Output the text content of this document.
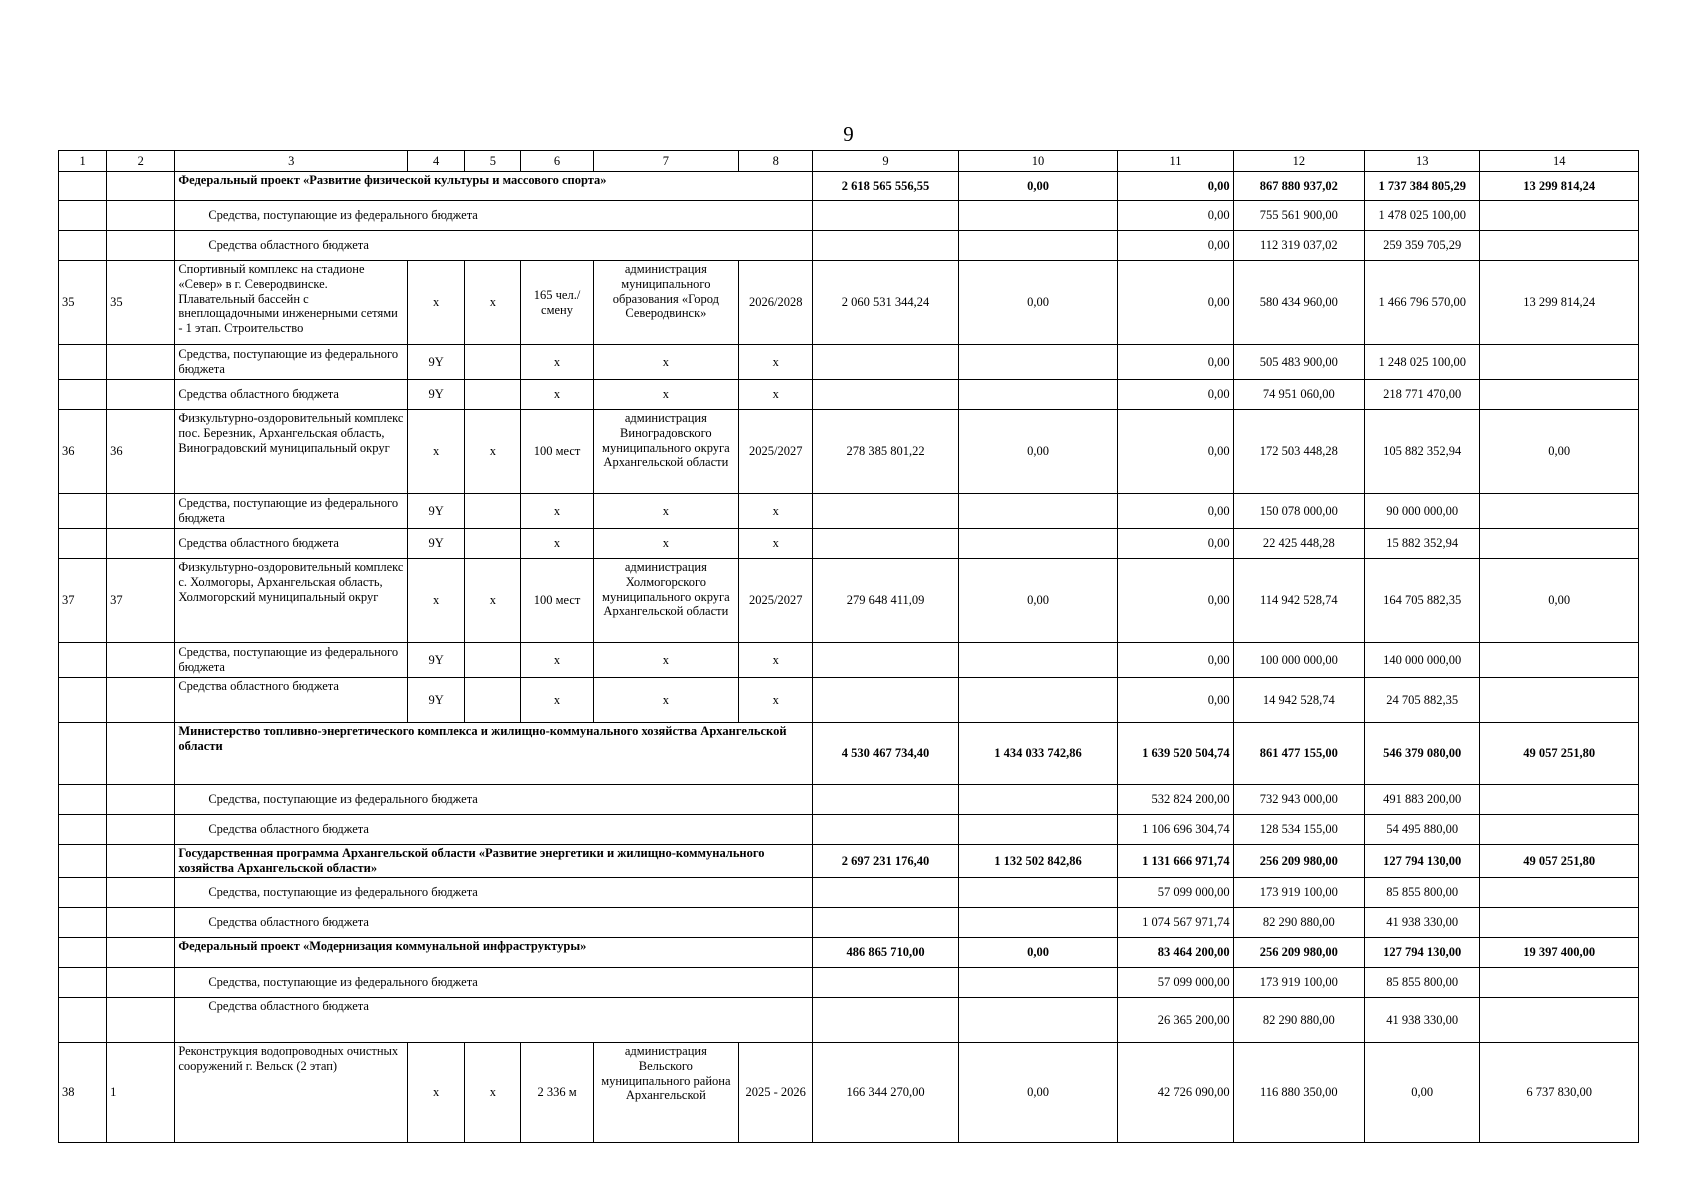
9
1	2	3	4	5	6	7	8	9	10	11	12	13	14
		Федеральный проект «Развитие физической культуры и массового спорта»						2 618 565 556,55	0,00	0,00	867 880 937,02	1 737 384 805,29	13 299 814,24
		Средства, поступающие из федерального бюджета								0,00	755 561 900,00	1 478 025 100,00	
		Средства областного бюджета								0,00	112 319 037,02	259 359 705,29	
35	35	Спортивный комплекс на стадионе «Север» в г. Северодвинске. Плавательный бассейн с внеплощадочными инженерными сетями - 1 этап. Строительство	x	x	165 чел./смену	администрация муниципального образования «Город Северодвинск»	2026/2028	2 060 531 344,24	0,00	0,00	580 434 960,00	1 466 796 570,00	13 299 814,24
		Средства, поступающие из федерального бюджета	9Y		x	x	x			0,00	505 483 900,00	1 248 025 100,00	
		Средства областного бюджета	9Y		x	x	x			0,00	74 951 060,00	218 771 470,00	
36	36	Физкультурно-оздоровительный комплекс пос. Березник, Архангельская область, Виноградовский муниципальный округ	x	x	100 мест	администрация Виноградовского муниципального округа Архангельской области	2025/2027	278 385 801,22	0,00	0,00	172 503 448,28	105 882 352,94	0,00
		Средства, поступающие из федерального бюджета	9Y		x	x	x			0,00	150 078 000,00	90 000 000,00	
		Средства областного бюджета	9Y		x	x	x			0,00	22 425 448,28	15 882 352,94	
37	37	Физкультурно-оздоровительный комплекс с. Холмогоры, Архангельская область, Холмогорский муниципальный округ	x	x	100 мест	администрация Холмогорского муниципального округа Архангельской области	2025/2027	279 648 411,09	0,00	0,00	114 942 528,74	164 705 882,35	0,00
		Средства, поступающие из федерального бюджета	9Y		x	x	x			0,00	100 000 000,00	140 000 000,00	
		Средства областного бюджета	9Y		x	x	x			0,00	14 942 528,74	24 705 882,35	
		Министерство топливно-энергетического комплекса и жилищно-коммунального хозяйства Архангельской области						4 530 467 734,40	1 434 033 742,86	1 639 520 504,74	861 477 155,00	546 379 080,00	49 057 251,80
		Средства, поступающие из федерального бюджета								532 824 200,00	732 943 000,00	491 883 200,00	
		Средства областного бюджета								1 106 696 304,74	128 534 155,00	54 495 880,00	
		Государственная программа Архангельской области «Развитие энергетики и жилищно-коммунального хозяйства Архангельской области»						2 697 231 176,40	1 132 502 842,86	1 131 666 971,74	256 209 980,00	127 794 130,00	49 057 251,80
		Средства, поступающие из федерального бюджета								57 099 000,00	173 919 100,00	85 855 800,00	
		Средства областного бюджета								1 074 567 971,74	82 290 880,00	41 938 330,00	
		Федеральный проект «Модернизация коммунальной инфраструктуры»						486 865 710,00	0,00	83 464 200,00	256 209 980,00	127 794 130,00	19 397 400,00
		Средства, поступающие из федерального бюджета								57 099 000,00	173 919 100,00	85 855 800,00	
		Средства областного бюджета								26 365 200,00	82 290 880,00	41 938 330,00	
38	1	Реконструкция водопроводных очистных сооружений г. Вельск (2 этап)	x	x	2 336 м	администрация Вельского муниципального района Архангельской	2025 - 2026	166 344 270,00	0,00	42 726 090,00	116 880 350,00	0,00	6 737 830,00
